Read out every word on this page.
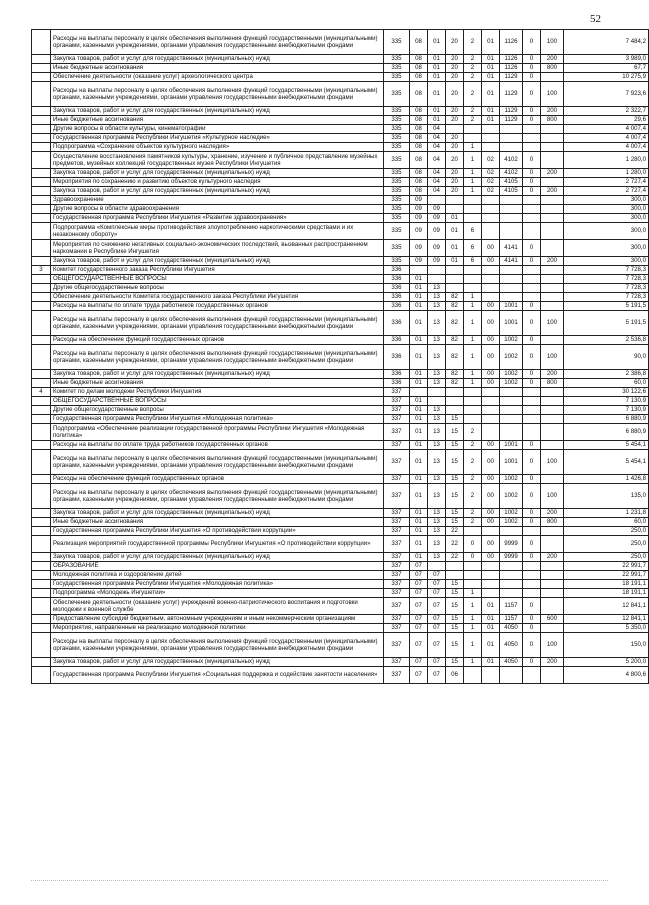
52
	Расходы на выплаты персоналу в целях обеспечения выполнения функций государственными (муниципальными) органами, казенными учреждениями, органами управления государственными внебюджетными фондами	335	08	01	20	2	01	1126	0	100	7 484,2
	Закупка товаров, работ и услуг для государственных (муниципальных) нужд	335	08	01	20	2	01	1126	0	200	3 989,0
	Иные бюджетные ассигнования	335	08	01	20	2	01	1126	0	800	67,7
	Обеспечение деятельности (оказание услуг) археологического центра	335	08	01	20	2	01	1129	0		10 275,9
	Расходы на выплаты персоналу в целях обеспечения выполнения функций государственными (муниципальными) органами, казенными учреждениями, органами управления государственными внебюджетными фондами	335	08	01	20	2	01	1129	0	100	7 923,6
	Закупка товаров, работ и услуг для государственных (муниципальных) нужд	335	08	01	20	2	01	1129	0	200	2 322,7
	Иные бюджетные ассигнования	335	08	01	20	2	01	1129	0	800	29,6
	Другие вопросы в области культуры, кинематографии	335	08	04							4 007,4
	Государственная программа Республики Ингушетия «Культурное наследие»	335	08	04	20						4 007,4
	Подпрограмма «Сохранение объектов культурного наследия»	335	08	04	20	1					4 007,4
	Осуществление восстановления памятников культуры, хранение, изучение и публичное представление музейных предметов, музейных коллекций государственных музея Республики Ингушетия	335	08	04	20	1	02	4102	0		1 280,0
	Закупка товаров, работ и услуг для государственных (муниципальных) нужд	335	08	04	20	1	02	4102	0	200	1 280,0
	Мероприятия по сохранению и развитию объектов культурного наследия	335	08	04	20	1	02	4105	0		2 727,4
	Закупка товаров, работ и услуг для государственных (муниципальных) нужд	335	08	04	20	1	02	4105	0	200	2 727,4
	Здравоохранение	335	09								300,0
	Другие вопросы в области здравоохранения	335	09	09							300,0
	Государственная программа Республики Ингушетия «Развитие здравоохранения»	335	09	09	01						300,0
	Подпрограмма «Комплексные меры противодействия злоупотреблению наркотическими средствами и их незаконному обороту»	335	09	09	01	6					300,0
	Мероприятия по снижению негативных социально-экономических последствий, вызванных распространением наркомании в Республике Ингушетия	335	09	09	01	6	00	4141	0		300,0
	Закупка товаров, работ и услуг для государственных (муниципальных) нужд	335	09	09	01	6	00	4141	0	200	300,0
3	Комитет государственного заказа Республики Ингушетия	336									7 728,3
	ОБЩЕГОСУДАРСТВЕННЫЕ ВОПРОСЫ	336	01								7 728,3
	Другие общегосударственные вопросы	336	01	13							7 728,3
	Обеспечение деятельности Комитета государственного заказа Республики Ингушетия	336	01	13	82	1					7 728,3
	Расходы на выплаты по оплате труда работников государственных органов	336	01	13	82	1	00	1001	0		5 191,5
	Расходы на выплаты персоналу в целях обеспечения выполнения функций государственными (муниципальными) органами, казенными учреждениями, органами управления государственными внебюджетными фондами	336	01	13	82	1	00	1001	0	100	5 191,5
	Расходы на обеспечение функций государственных органов	336	01	13	82	1	00	1002	0		2 536,8
	Расходы на выплаты персоналу в целях обеспечения выполнения функций государственными (муниципальными) органами, казенными учреждениями, органами управления государственными внебюджетными фондами	336	01	13	82	1	00	1002	0	100	90,0
	Закупка товаров, работ и услуг для государственных (муниципальных) нужд	336	01	13	82	1	00	1002	0	200	2 386,8
	Иные бюджетные ассигнования	336	01	13	82	1	00	1002	0	800	60,0
4	Комитет по делам молодежи Республики Ингушетия	337									30 122,6
	ОБЩЕГОСУДАРСТВЕННЫЕ ВОПРОСЫ	337	01								7 130,9
	Другие общегосударственные вопросы	337	01	13							7 130,9
	Государственная программа Республики Ингушетия «Молодежная политика»	337	01	13	15						6 880,9
	Подпрограмма «Обеспечение реализации государственной программы Республики Ингушетия «Молодежная политика»	337	01	13	15	2					6 880,9
	Расходы на выплаты по оплате труда работников государственных органов	337	01	13	15	2	00	1001	0		5 454,1
	Расходы на выплаты персоналу в целях обеспечения выполнения функций государственными (муниципальными) органами, казенными учреждениями, органами управления государственными внебюджетными фондами	337	01	13	15	2	00	1001	0	100	5 454,1
	Расходы на обеспечение функций государственных органов	337	01	13	15	2	00	1002	0		1 426,8
	Расходы на выплаты персоналу в целях обеспечения выполнения функций государственными (муниципальными) органами, казенными учреждениями, органами управления государственными внебюджетными фондами	337	01	13	15	2	00	1002	0	100	135,0
	Закупка товаров, работ и услуг для государственных (муниципальных) нужд	337	01	13	15	2	00	1002	0	200	1 231,8
	Иные бюджетные ассигнования	337	01	13	15	2	00	1002	0	800	60,0
	Государственная программа Республики Ингушетия «О противодействии коррупции»	337	01	13	22						250,0
	Реализация мероприятий государственной программы Республики Ингушетия «О противодействии коррупции»	337	01	13	22	0	00	9999	0		250,0
	Закупка товаров, работ и услуг для государственных (муниципальных) нужд	337	01	13	22	0	00	9999	0	200	250,0
	ОБРАЗОВАНИЕ	337	07								22 991,7
	Молодежная политика и оздоровление детей	337	07	07							22 991,7
	Государственная программа Республики Ингушетия «Молодежная политика»	337	07	07	15						18 191,1
	Подпрограмма «Молодежь Ингушетии»	337	07	07	15	1					18 191,1
	Обеспечение деятельности (оказание услуг) учреждений военно-патриотического воспитания и подготовки молодежи к военной службе	337	07	07	15	1	01	1157	0		12 841,1
	Предоставление субсидий бюджетным, автономным учреждениям и иным некоммерческим организациям	337	07	07	15	1	01	1157	0	600	12 841,1
	Мероприятия, направленные на реализацию молодежной политики	337	07	07	15	1	01	4050	0		5 350,0
	Расходы на выплаты персоналу в целях обеспечения выполнения функций государственными (муниципальными) органами, казенными учреждениями, органами управления государственными внебюджетными фондами	337	07	07	15	1	01	4050	0	100	150,0
	Закупка товаров, работ и услуг для государственных (муниципальных) нужд	337	07	07	15	1	01	4050	0	200	5 200,0
	Государственная программа Республики Ингушетия «Социальная поддержка и содействие занятости населения»	337	07	07	06						4 800,6
